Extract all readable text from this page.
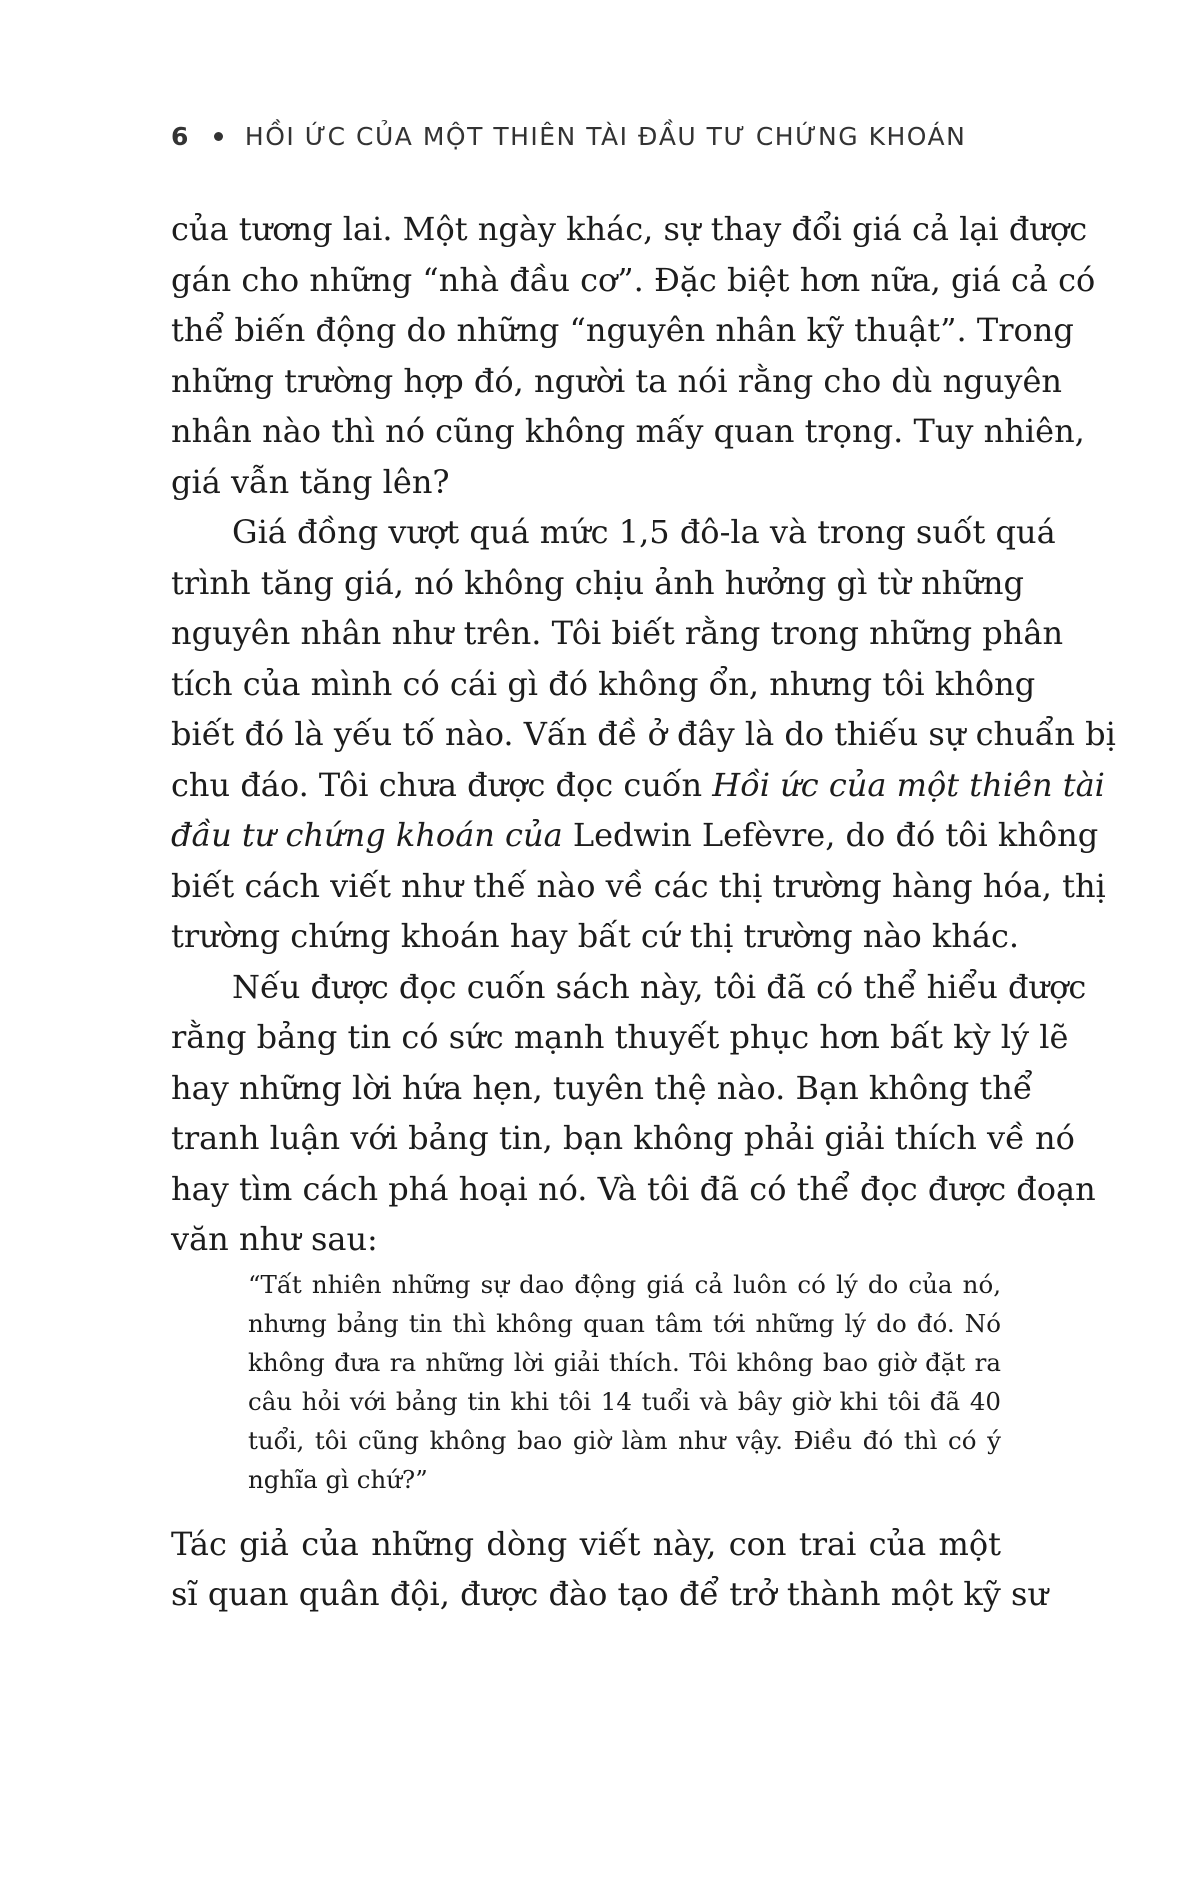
6 HỒI ỨC CỦA MỘT THIÊN TÀI ĐẦU TƯ CHỨNG KHOÁN

của tương lai. Một ngày khác, sự thay đổi giá cả lại được
gán cho những “nhà đầu cơ”. Đặc biệt hơn nữa, giá cả có
thể biến động do những “nguyên nhân kỹ thuật”. Trong
những trường hợp đó, người ta nói rằng cho dù nguyên
nhân nào thì nó cũng không mấy quan trọng. Tuy nhiên,
giá vẫn tăng lên?

Giá đồng vượt quá mức 1,5 đô-la và trong suốt quá
trình tăng giá, nó không chịu ảnh hưởng gì từ những
nguyên nhân như trên. Tôi biết rằng trong những phân
tích của mình có cái gì đó không ổn, nhưng tôi không
biết đó là yếu tố nào. Vấn đề ở đây là do thiếu sự chuẩn bị
chu đáo. Tôi chưa được đọc cuốn Hồi ức của một thiên tài
đầu tư chứng khoán của Ledwin Lefèvre, do đó tôi không
biết cách viết như thế nào về các thị trường hàng hóa, thị
trường chứng khoán hay bất cứ thị trường nào khác.

Nếu được đọc cuốn sách này, tôi đã có thể hiểu được
rằng bảng tin có sức mạnh thuyết phục hơn bất kỳ lý lẽ
hay những lời hứa hẹn, tuyên thệ nào. Bạn không thể
tranh luận với bảng tin, bạn không phải giải thích về nó
hay tìm cách phá hoại nó. Và tôi đã có thể đọc được đoạn
văn như sau:

“Tất nhiên những sự dao động giá cả luôn có lý do của nó,
nhưng bảng tin thì không quan tâm tới những lý do đó. Nó
không đưa ra những lời giải thích. Tôi không bao giờ đặt ra
câu hỏi với bảng tin khi tôi 14 tuổi và bây giờ khi tôi đã 40
tuổi, tôi cũng không bao giờ làm như vậy. Điều đó thì có ý
nghĩa gì chứ?”

Tác giả của những dòng viết này, con trai của một
sĩ quan quân đội, được đào tạo để trở thành một kỹ sư
